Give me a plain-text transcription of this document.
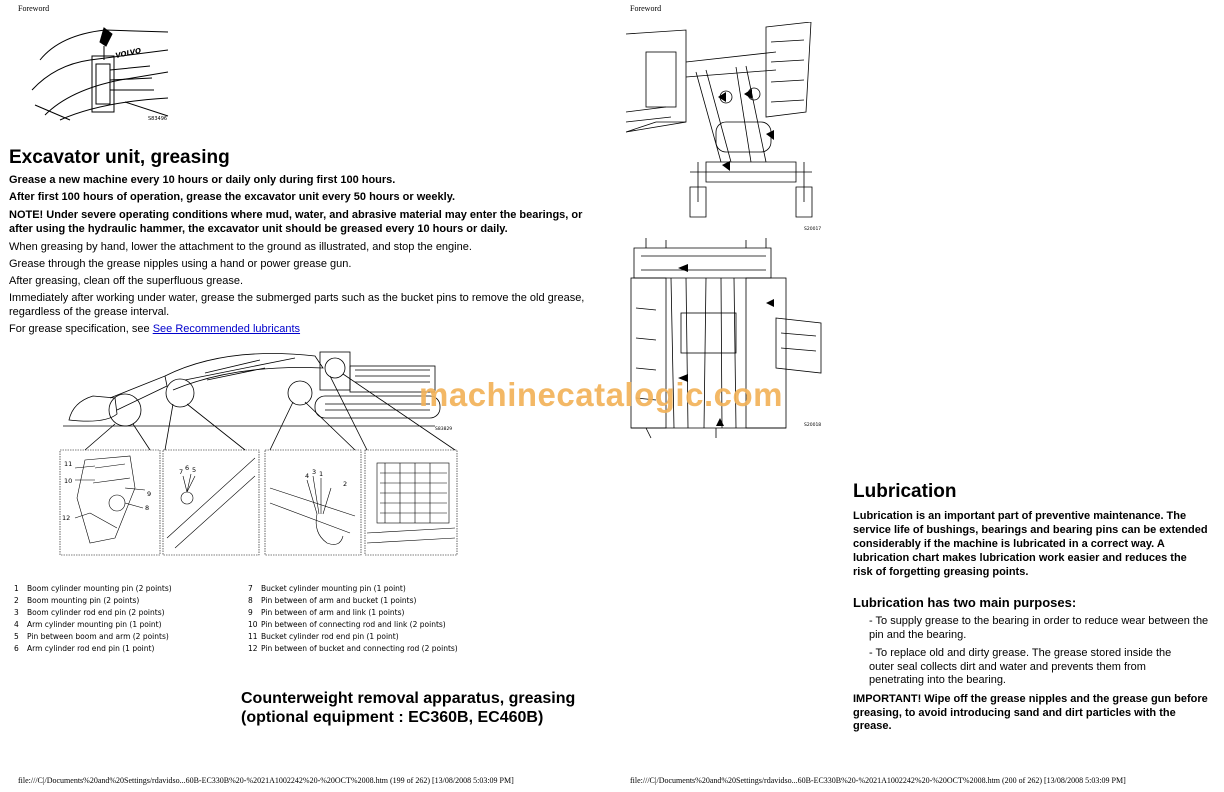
Foreword
VOLVO
S83496
Excavator unit, greasing

Grease a new machine every 10 hours or daily only during first 100 hours.

After first 100 hours of operation, grease the excavator unit every 50 hours or weekly.

NOTE! Under severe operating conditions where mud, water, and abrasive material may enter the bearings, or after using the hydraulic hammer, the excavator unit should be greased every 10 hours or daily.

When greasing by hand, lower the attachment to the ground as illustrated, and stop the engine.

Grease through the grease nipples using a hand or power grease gun.

After greasing, clean off the superfluous grease.

Immediately after working under water, grease the submerged parts such as the bucket pins to remove the old grease, regardless of the grease interval.

For grease specification, see See Recommended lubricants

S83829
11
10
9
8
12
7 6 5
4 3
2
1
1	Boom cylinder mounting pin (2 points)
2	Boom mounting pin (2 points)
3	Boom cylinder rod end pin (2 points)
4	Arm cylinder mounting pin (1 point)
5	Pin between boom and arm (2 points)
6	Arm cylinder rod end pin (1 point)
7	Bucket cylinder mounting pin (1 point)
8	Pin between of arm and bucket (1 points)
9	Pin between of arm and link (1 points)
10 Pin between of connecting rod and link (2 points)
11 Bucket cylinder rod end pin (1 point)
12 Pin between of bucket and connecting rod (2 points)
Counterweight removal apparatus, greasing
(optional equipment : EC360B, EC460B)
file:///C|/Documents%20and%20Settings/rdavidso...60B-EC330B%20-%2021A1002242%20-%20OCT%2008.htm (199 of 262) [13/08/2008 5:03:09 PM]
Foreword
S20017
S20018
Lubrication

Lubrication is an important part of preventive maintenance. The service life of bushings, bearings and bearing pins can be extended considerably if the machine is lubricated in a correct way. A lubrication chart makes lubrication work easier and reduces the risk of forgetting greasing points.

Lubrication has two main purposes:

- To supply grease to the bearing in order to reduce wear between the pin and the bearing.

- To replace old and dirty grease. The grease stored inside the outer seal collects dirt and water and prevents them from penetrating into the bearing.

IMPORTANT! Wipe off the grease nipples and the grease gun before greasing, to avoid introducing sand and dirt particles with the grease.

file:///C|/Documents%20and%20Settings/rdavidso...60B-EC330B%20-%2021A1002242%20-%20OCT%2008.htm (200 of 262) [13/08/2008 5:03:09 PM]
machinecatalogic.com
